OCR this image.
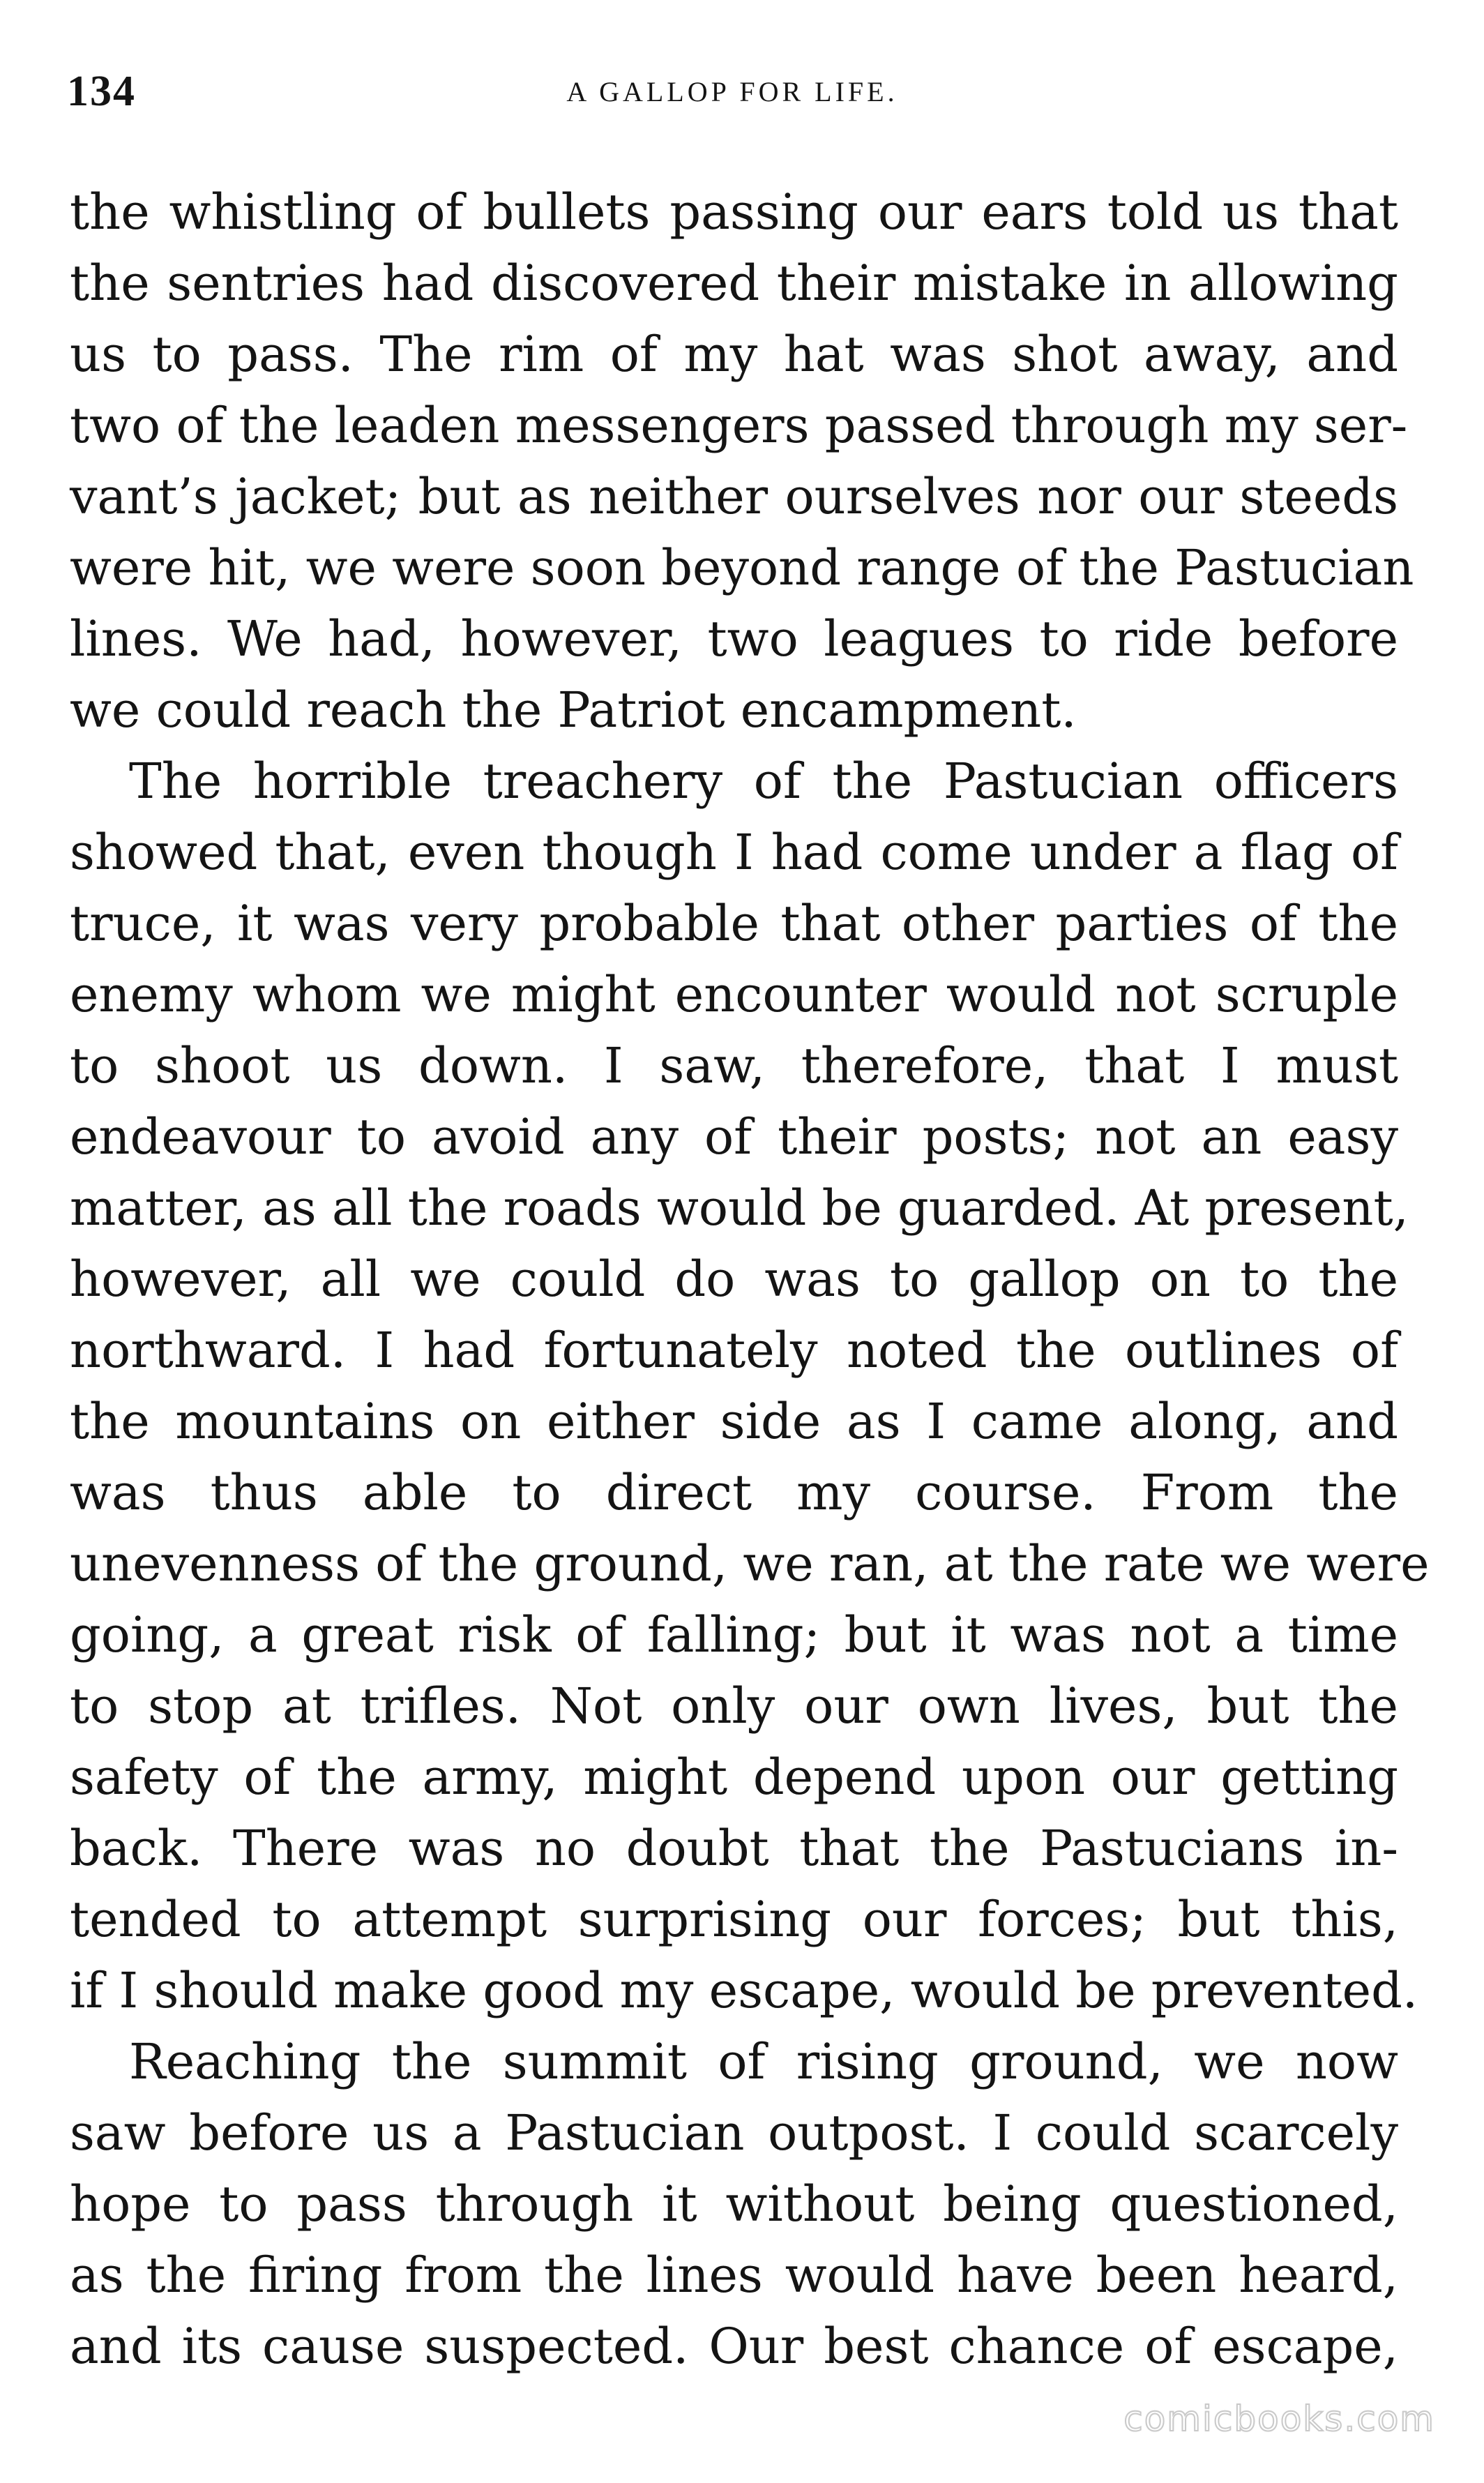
134	A GALLOP FOR LIFE.
the whistling of bullets passing our ears told us that
the sentries had discovered their mistake in allowing
us to pass. The rim of my hat was shot away, and
two of the leaden messengers passed through my ser-
vant’s jacket; but as neither ourselves nor our steeds
were hit, we were soon beyond range of the Pastucian
lines. We had, however, two leagues to ride before
we could reach the Patriot encampment.
The horrible treachery of the Pastucian officers
showed that, even though I had come under a flag of
truce, it was very probable that other parties of the
enemy whom we might encounter would not scruple
to shoot us down. I saw, therefore, that I must
endeavour to avoid any of their posts; not an easy
matter, as all the roads would be guarded. At present,
however, all we could do was to gallop on to the
northward. I had fortunately noted the outlines of
the mountains on either side as I came along, and
was thus able to direct my course. From the
unevenness of the ground, we ran, at the rate we were
going, a great risk of falling; but it was not a time
to stop at trifles. Not only our own lives, but the
safety of the army, might depend upon our getting
back. There was no doubt that the Pastucians in-
tended to attempt surprising our forces; but this,
if I should make good my escape, would be prevented.
Reaching the summit of rising ground, we now
saw before us a Pastucian outpost. I could scarcely
hope to pass through it without being questioned,
as the firing from the lines would have been heard,
and its cause suspected. Our best chance of escape,
comicbooks.com
